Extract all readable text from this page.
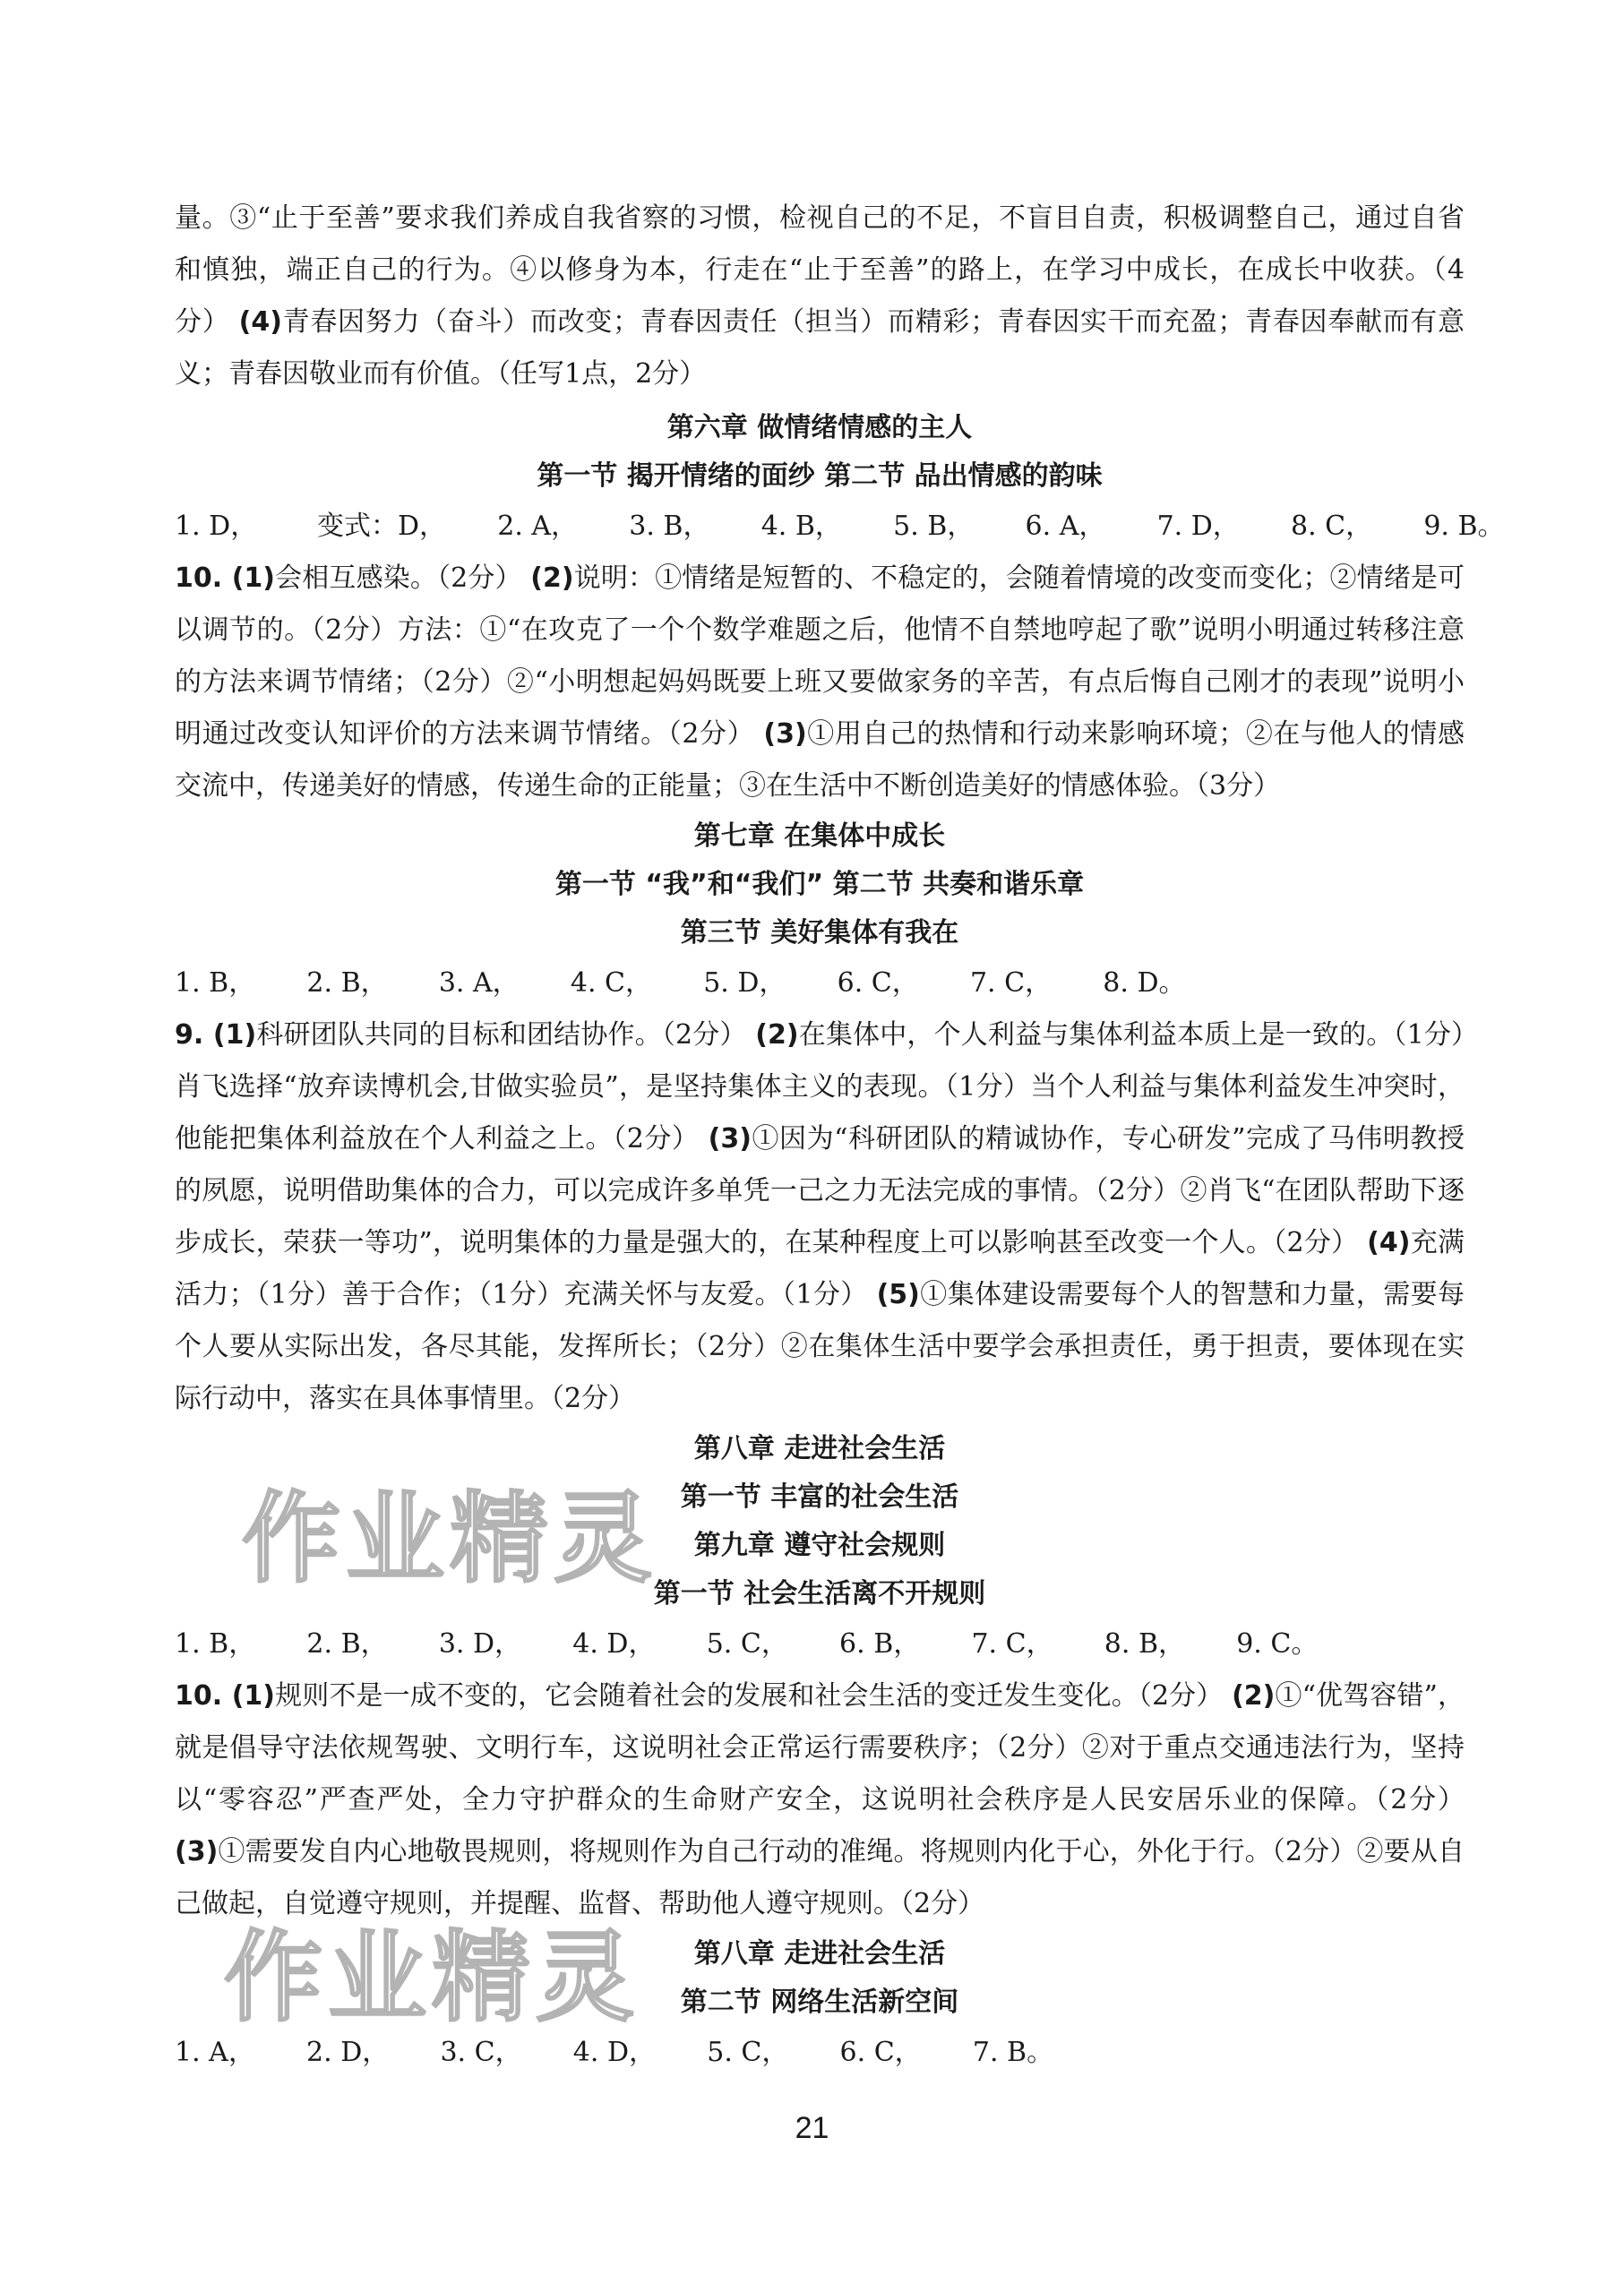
量。③“止于至善”要求我们养成自我省察的习惯，检视自己的不足，不盲目自责，积极调整自己，通过自省和慎独，端正自己的行为。④以修身为本，行走在“止于至善”的路上，在学习中成长，在成长中收获。（4分） (4)青春因努力（奋斗）而改变；青春因责任（担当）而精彩；青春因实干而充盈；青春因奉献而有意义；青春因敬业而有价值。（任写1点，2分）

第六章 做情绪情感的主人

第一节 揭开情绪的面纱 第二节 品出情感的韵味

1. D，       变式：D，      2. A，      3. B，      4. B，      5. B，      6. A，      7. D，      8. C，      9. B。

10. (1)会相互感染。（2分） (2)说明：①情绪是短暂的、不稳定的，会随着情境的改变而变化；②情绪是可以调节的。（2分）方法：①“在攻克了一个个数学难题之后，他情不自禁地哼起了歌”说明小明通过转移注意的方法来调节情绪；（2分）②“小明想起妈妈既要上班又要做家务的辛苦，有点后悔自己刚才的表现”说明小明通过改变认知评价的方法来调节情绪。（2分） (3)①用自己的热情和行动来影响环境；②在与他人的情感交流中，传递美好的情感，传递生命的正能量；③在生活中不断创造美好的情感体验。（3分）

第七章 在集体中成长

第一节 “我”和“我们” 第二节 共奏和谐乐章

第三节 美好集体有我在

1. B，      2. B，      3. A，      4. C，      5. D，      6. C，      7. C，      8. D。

9. (1)科研团队共同的目标和团结协作。（2分） (2)在集体中，个人利益与集体利益本质上是一致的。（1分）肖飞选择“放弃读博机会,甘做实验员”，是坚持集体主义的表现。（1分）当个人利益与集体利益发生冲突时，他能把集体利益放在个人利益之上。（2分） (3)①因为“科研团队的精诚协作，专心研发”完成了马伟明教授的夙愿，说明借助集体的合力，可以完成许多单凭一己之力无法完成的事情。（2分）②肖飞“在团队帮助下逐步成长，荣获一等功”，说明集体的力量是强大的，在某种程度上可以影响甚至改变一个人。（2分） (4)充满活力；（1分）善于合作；（1分）充满关怀与友爱。（1分） (5)①集体建设需要每个人的智慧和力量，需要每个人要从实际出发，各尽其能，发挥所长；（2分）②在集体生活中要学会承担责任，勇于担责，要体现在实际行动中，落实在具体事情里。（2分）

第八章 走进社会生活

第一节 丰富的社会生活

第九章 遵守社会规则

第一节 社会生活离不开规则

1. B，      2. B，      3. D，      4. D，      5. C，      6. B，      7. C，      8. B，      9. C。

10. (1)规则不是一成不变的，它会随着社会的发展和社会生活的变迁发生变化。（2分） (2)①“优驾容错”，就是倡导守法依规驾驶、文明行车，这说明社会正常运行需要秩序；（2分）②对于重点交通违法行为，坚持以“零容忍”严查严处，全力守护群众的生命财产安全，这说明社会秩序是人民安居乐业的保障。（2分） (3)①需要发自内心地敬畏规则，将规则作为自己行动的准绳。将规则内化于心，外化于行。（2分）②要从自己做起，自觉遵守规则，并提醒、监督、帮助他人遵守规则。（2分）

第八章 走进社会生活

第二节 网络生活新空间

1. A，      2. D，      3. C，      4. D，      5. C，      6. C，      7. B。

作业精灵
作业精灵
21
